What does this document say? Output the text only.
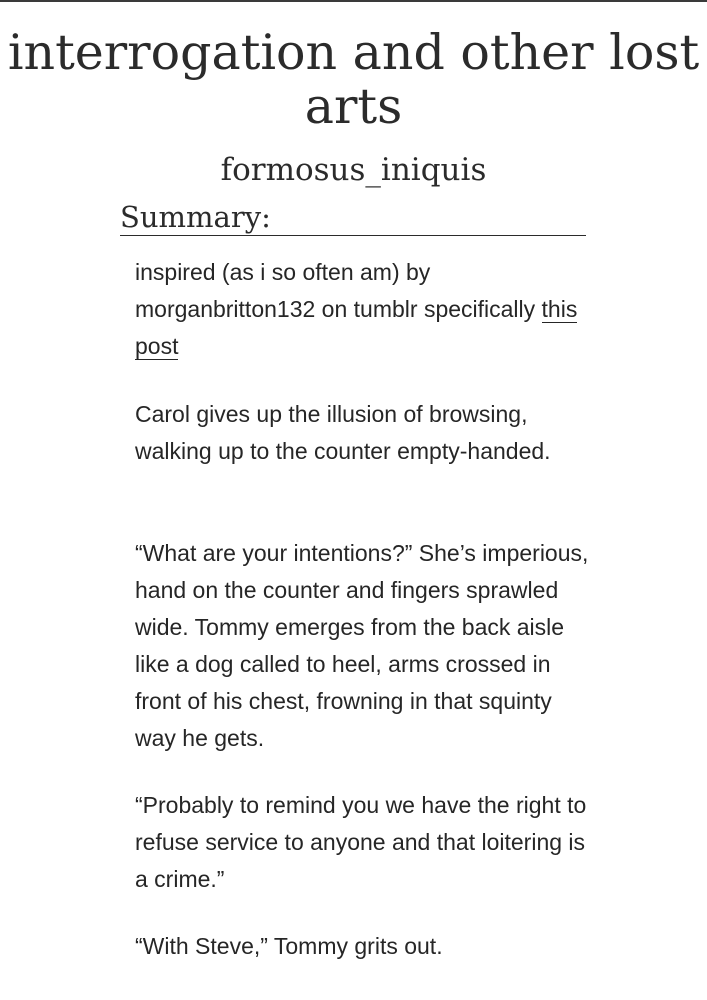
interrogation and other lost arts
formosus_iniquis
Summary:

inspired (as i so often am) by morganbritton132 on tumblr specifically this post

Carol gives up the illusion of browsing, walking up to the counter empty-handed.

“What are your intentions?” She’s imperious, hand on the counter and fingers sprawled wide. Tommy emerges from the back aisle like a dog called to heel, arms crossed in front of his chest, frowning in that squinty way he gets.

“Probably to remind you we have the right to refuse service to anyone and that loitering is a crime.”

“With Steve,” Tommy grits out.
